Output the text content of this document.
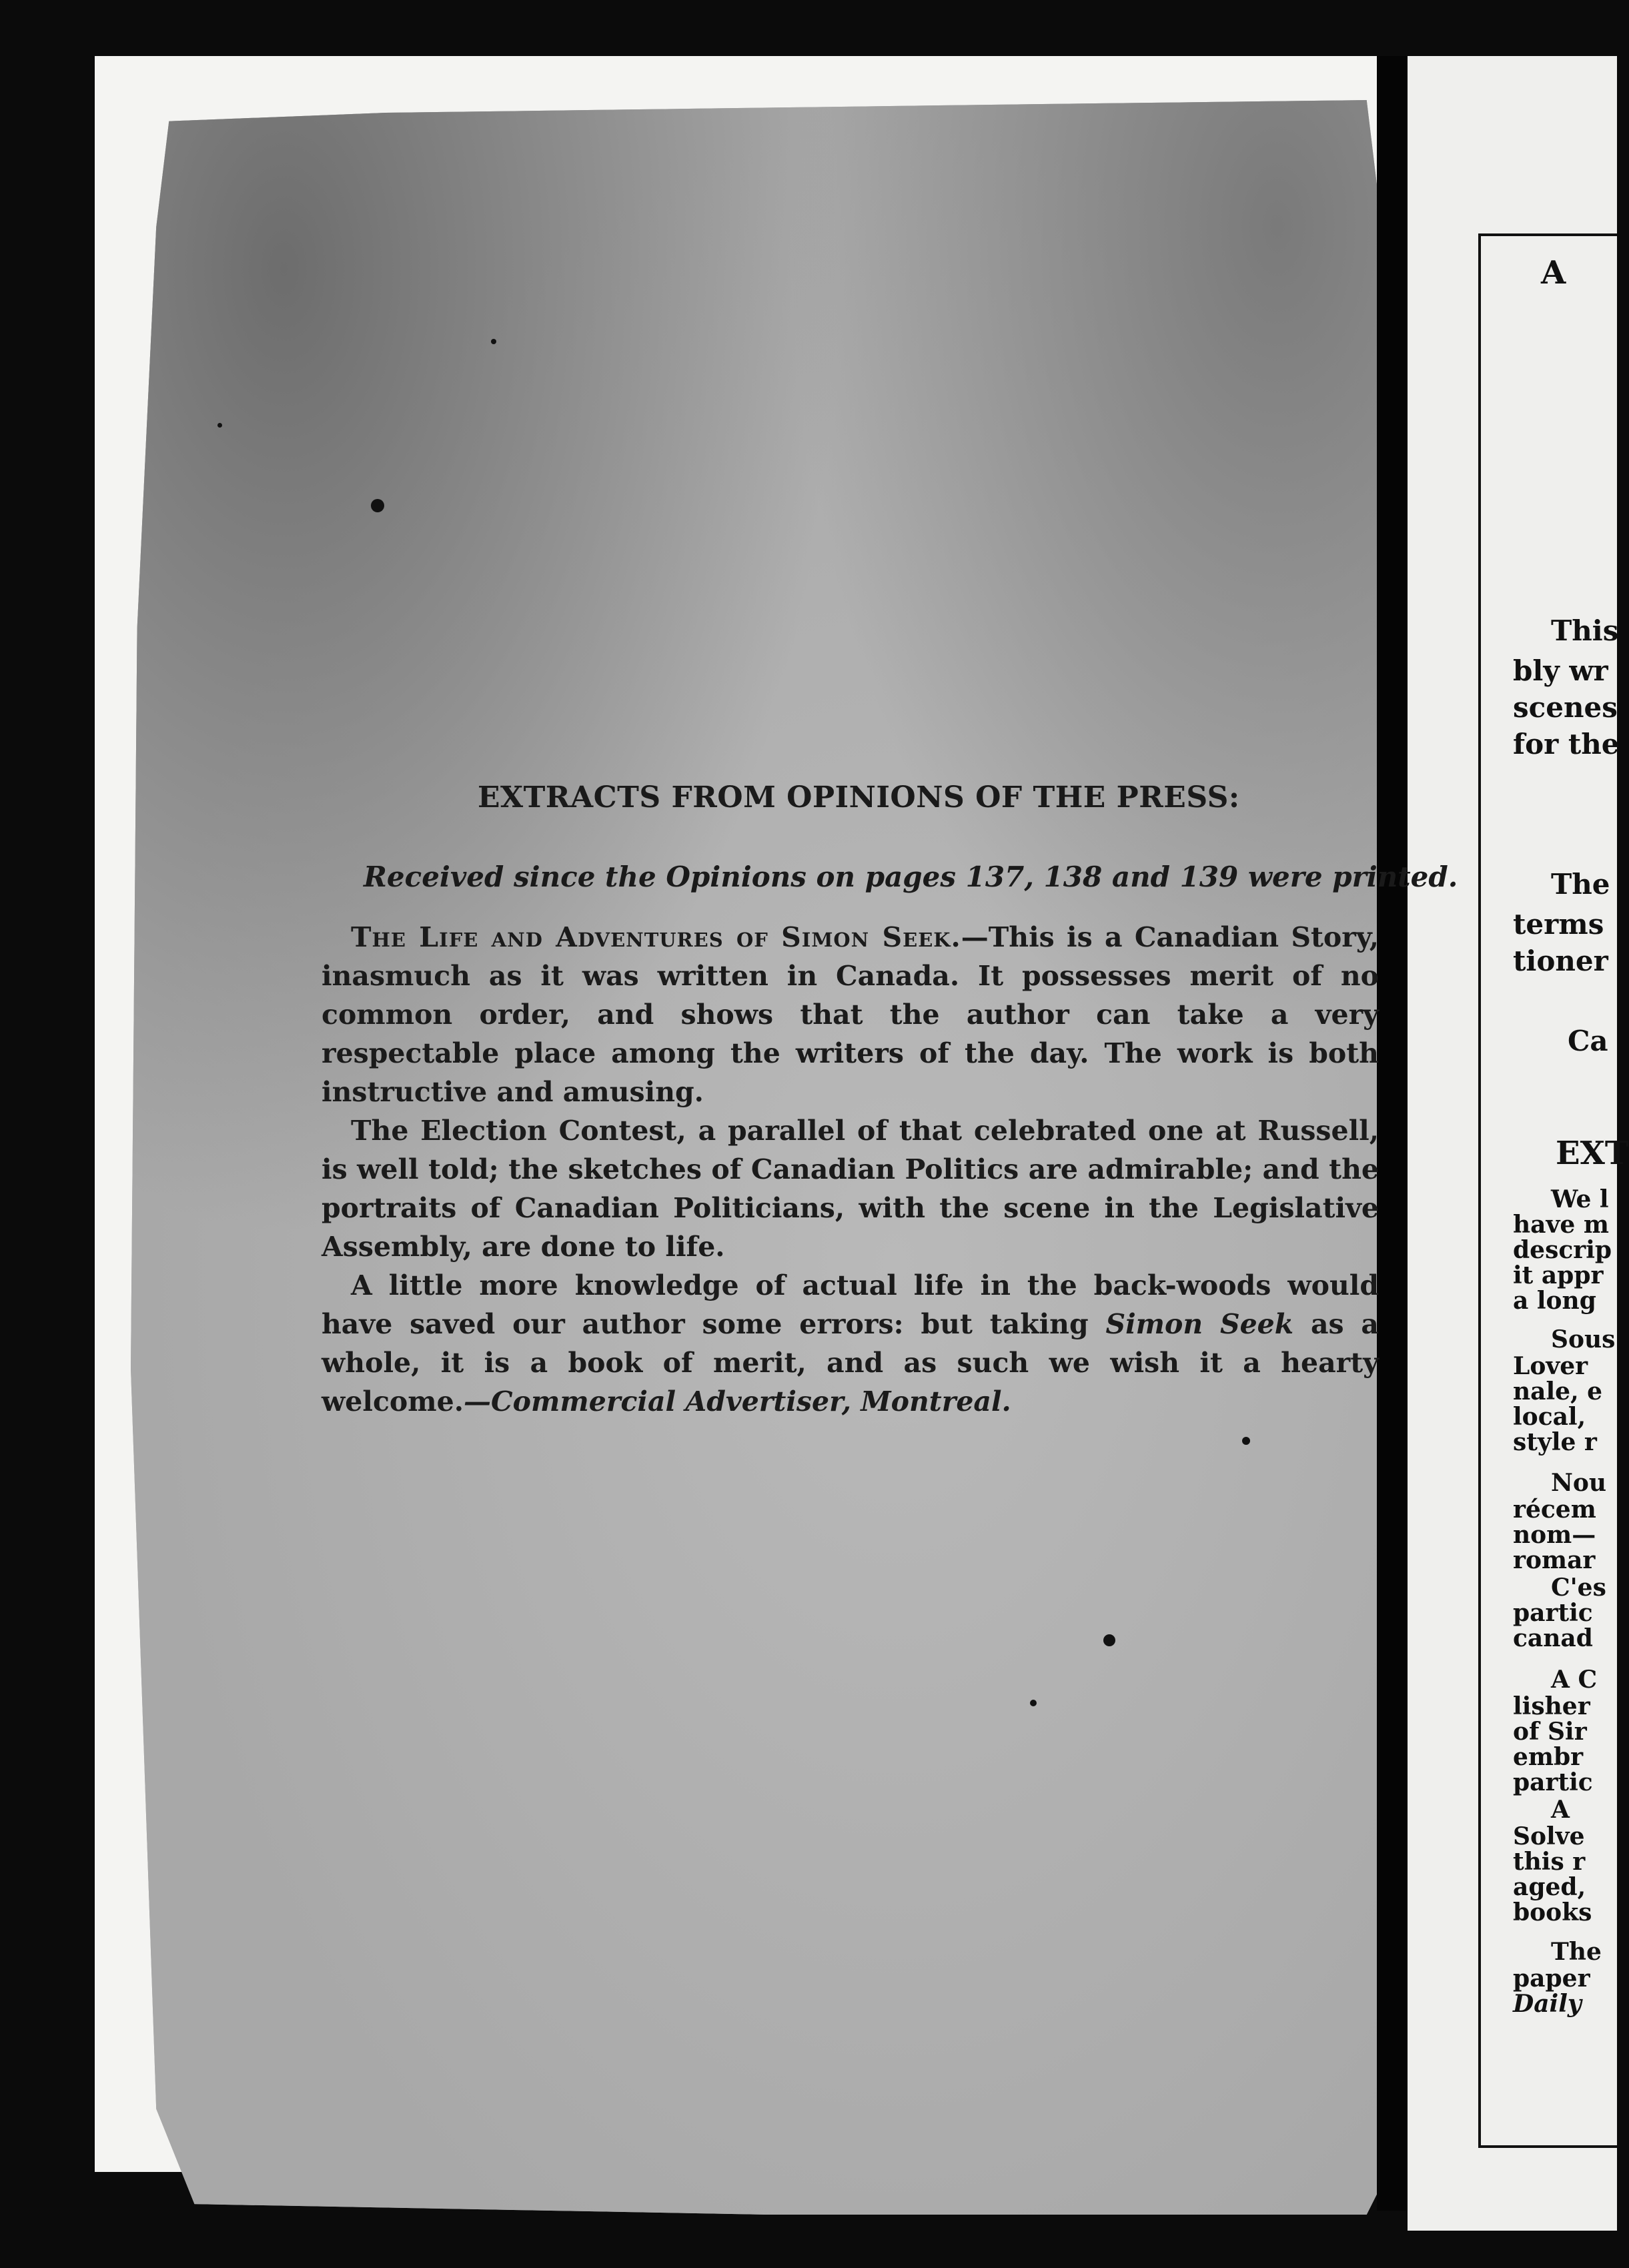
A
This
bly wr
scenes
for the
The
terms
tioner
Ca
EXT
We l
have m
descrip
it appr
a long
Sous
Lover
nale, e
local,
style r
Nou
récem
nom—
romar
C'es
partic
canad
A C
lisher
of Sir
embr
partic
A
Solve
this r
aged,
books
The
paper
Daily
EXTRACTS FROM OPINIONS OF THE PRESS:
Received since the Opinions on pages 137, 138 and 139 were printed.

The Life and Adventures of Simon Seek.—This is a Canadian Story, inasmuch as it was written in Canada. It possesses merit of no common order, and shows that the author can take a very respectable place among the writers of the day. The work is both instructive and amusing.

The Election Contest, a parallel of that celebrated one at Russell, is well told; the sketches of Canadian Politics are admirable; and the portraits of Canadian Politicians, with the scene in the Legislative Assembly, are done to life.

A little more knowledge of actual life in the back-woods would have saved our author some errors: but taking Simon Seek as a whole, it is a book of merit, and as such we wish it a hearty welcome.—Commercial Advertiser, Montreal.
